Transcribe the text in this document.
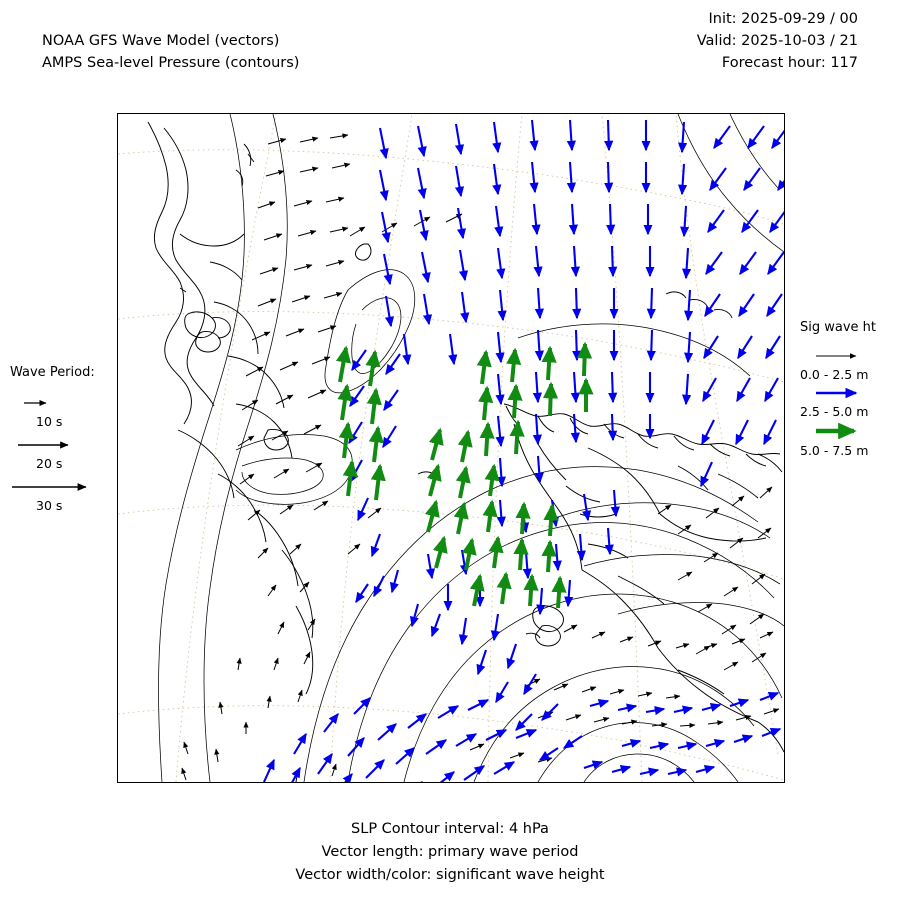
NOAA GFS Wave Model (vectors)
AMPS Sea-level Pressure (contours)
Init: 2025-09-29 / 00
Valid: 2025-10-03 / 21
Forecast hour: 117
Wave Period:
10 s
20 s
30 s
Sig wave ht
0.0 - 2.5 m
2.5 - 5.0 m
5.0 - 7.5 m
SLP Contour interval: 4 hPa
Vector length: primary wave period
Vector width/color: significant wave height
